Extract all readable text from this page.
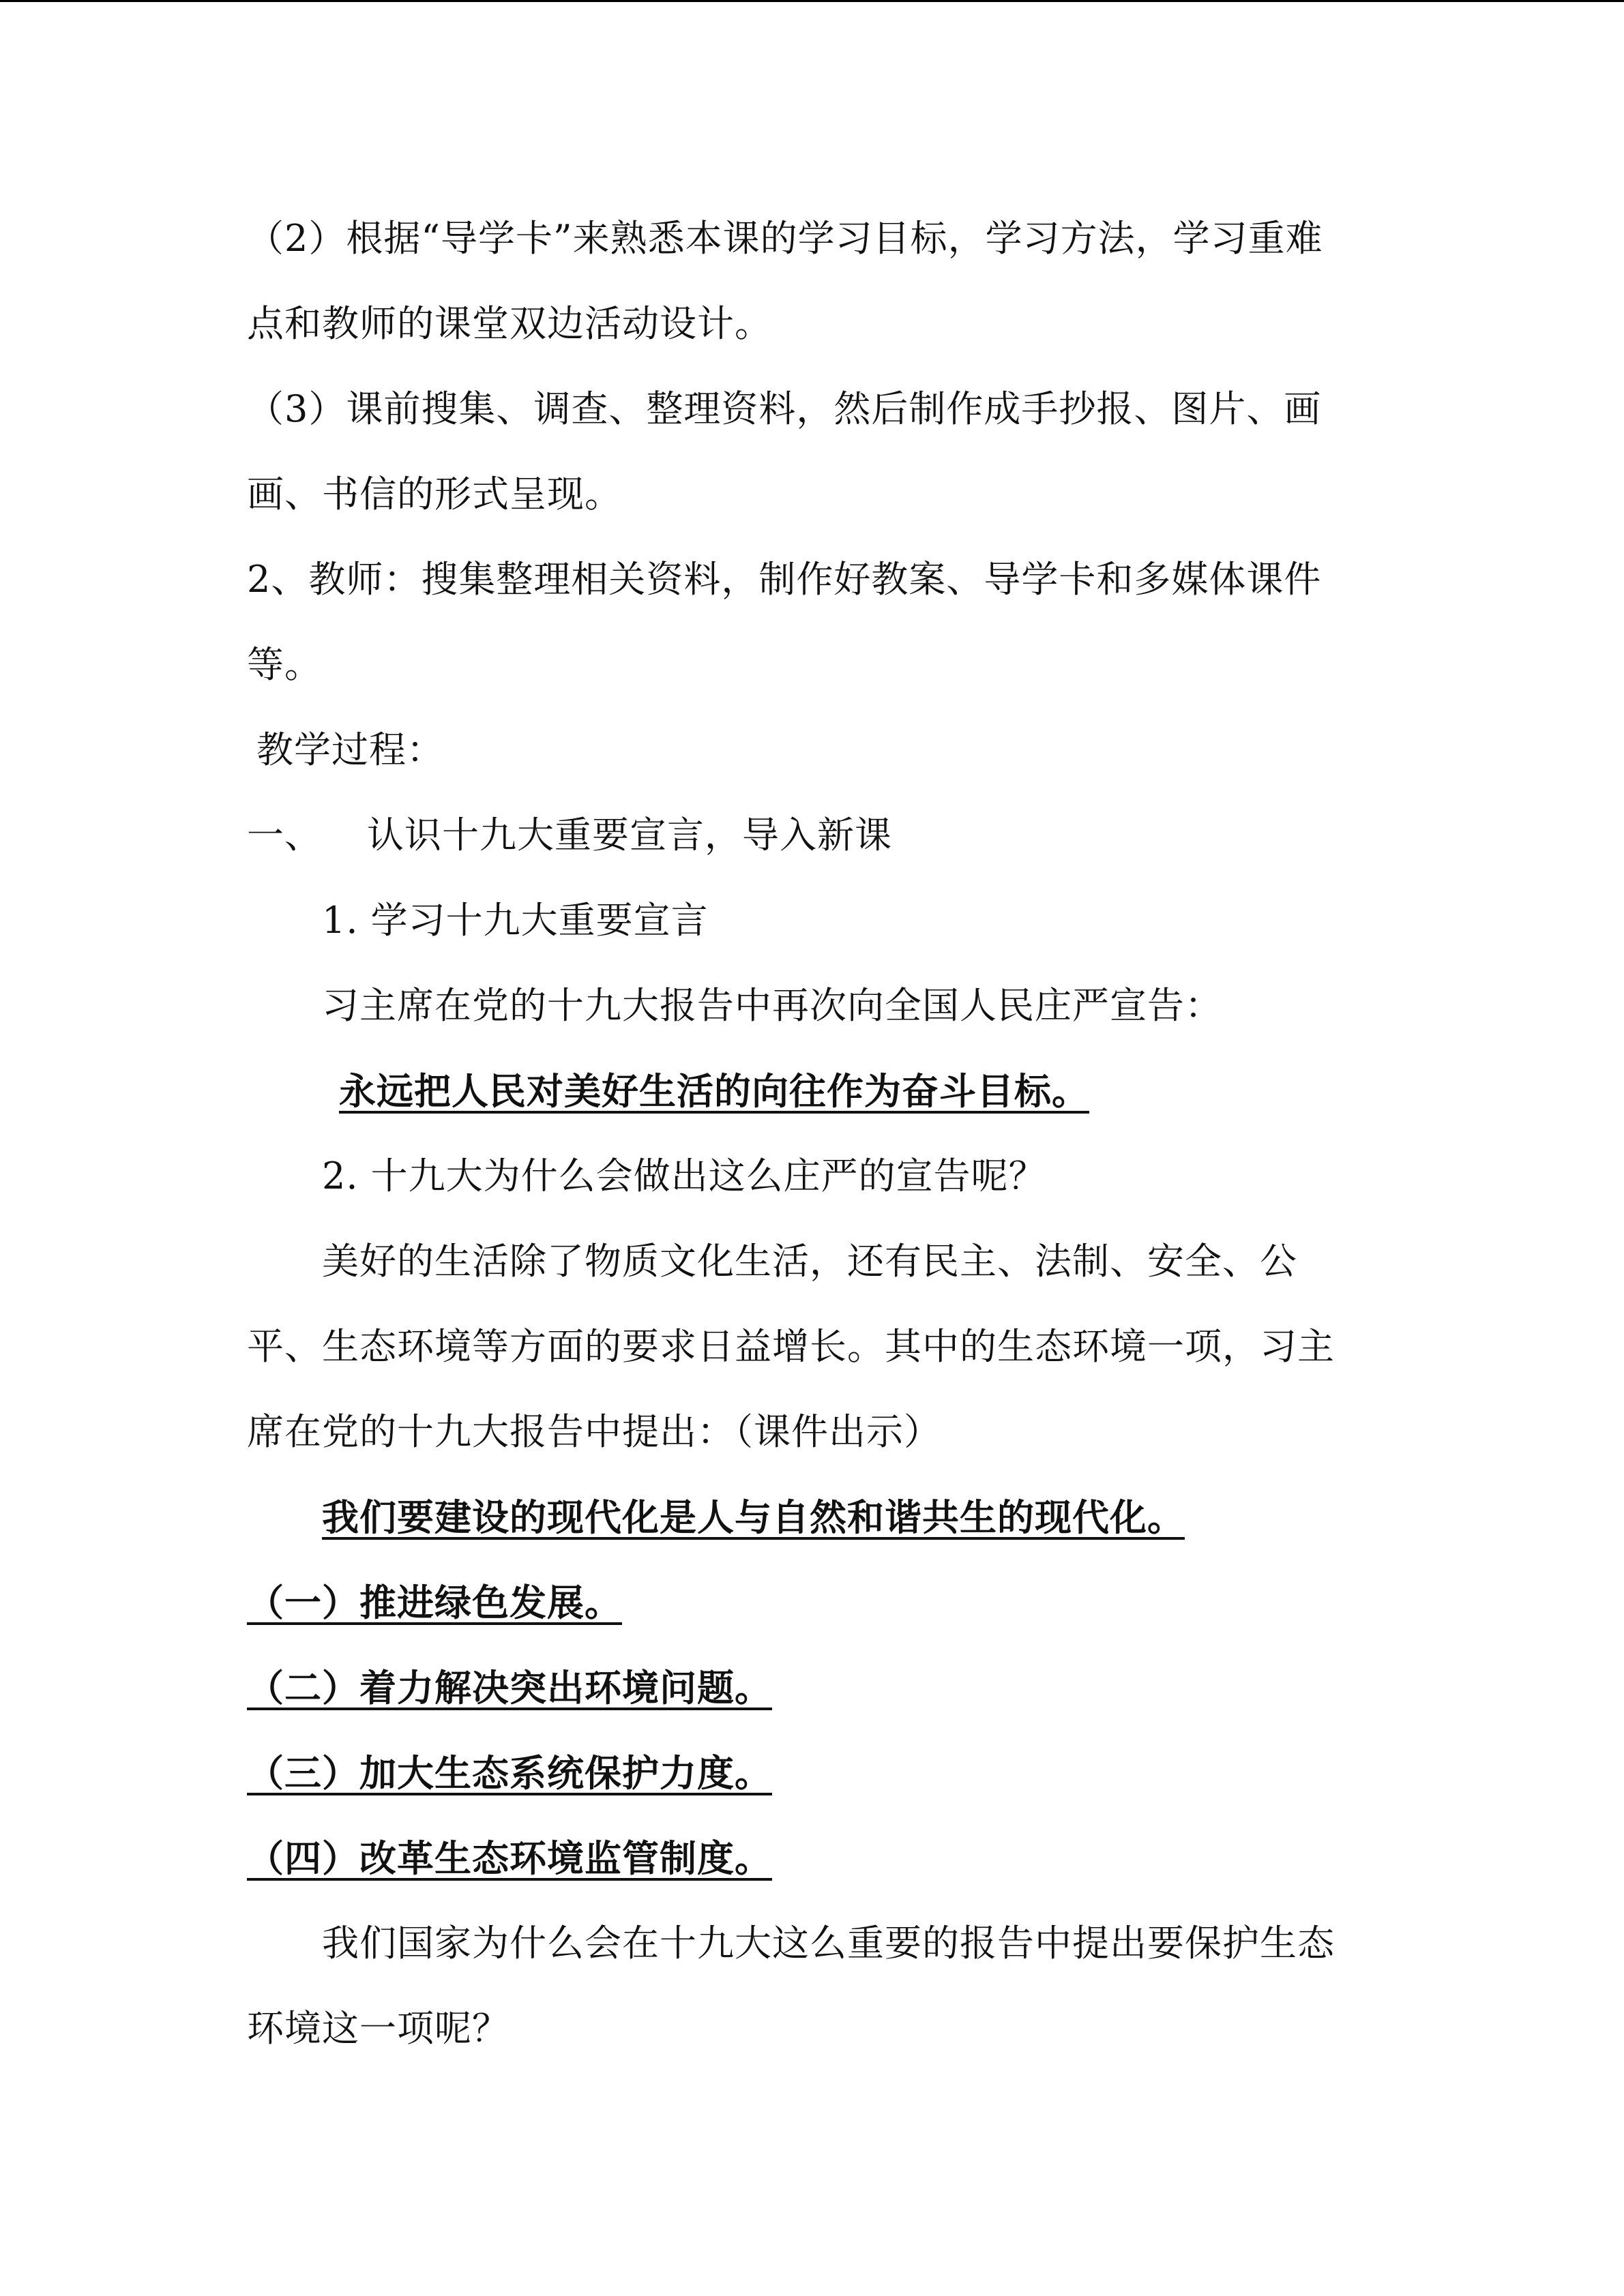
（2）根据“导学卡”来熟悉本课的学习目标，学习方法，学习重难
点和教师的课堂双边活动设计。
（3）课前搜集、调查、整理资料，然后制作成手抄报、图片、画
画、书信的形式呈现。
2、教师：搜集整理相关资料，制作好教案、导学卡和多媒体课件
等。
教学过程：
一、 认识十九大重要宣言，导入新课
1. 学习十九大重要宣言
习主席在党的十九大报告中再次向全国人民庄严宣告：
永远把人民对美好生活的向往作为奋斗目标。
2. 十九大为什么会做出这么庄严的宣告呢？
美好的生活除了物质文化生活，还有民主、法制、安全、公
平、生态环境等方面的要求日益增长。其中的生态环境一项，习主
席在党的十九大报告中提出：（课件出示）
我们要建设的现代化是人与自然和谐共生的现代化。
（一）推进绿色发展。
（二）着力解决突出环境问题。
（三）加大生态系统保护力度。
（四）改革生态环境监管制度。
我们国家为什么会在十九大这么重要的报告中提出要保护生态
环境这一项呢？
